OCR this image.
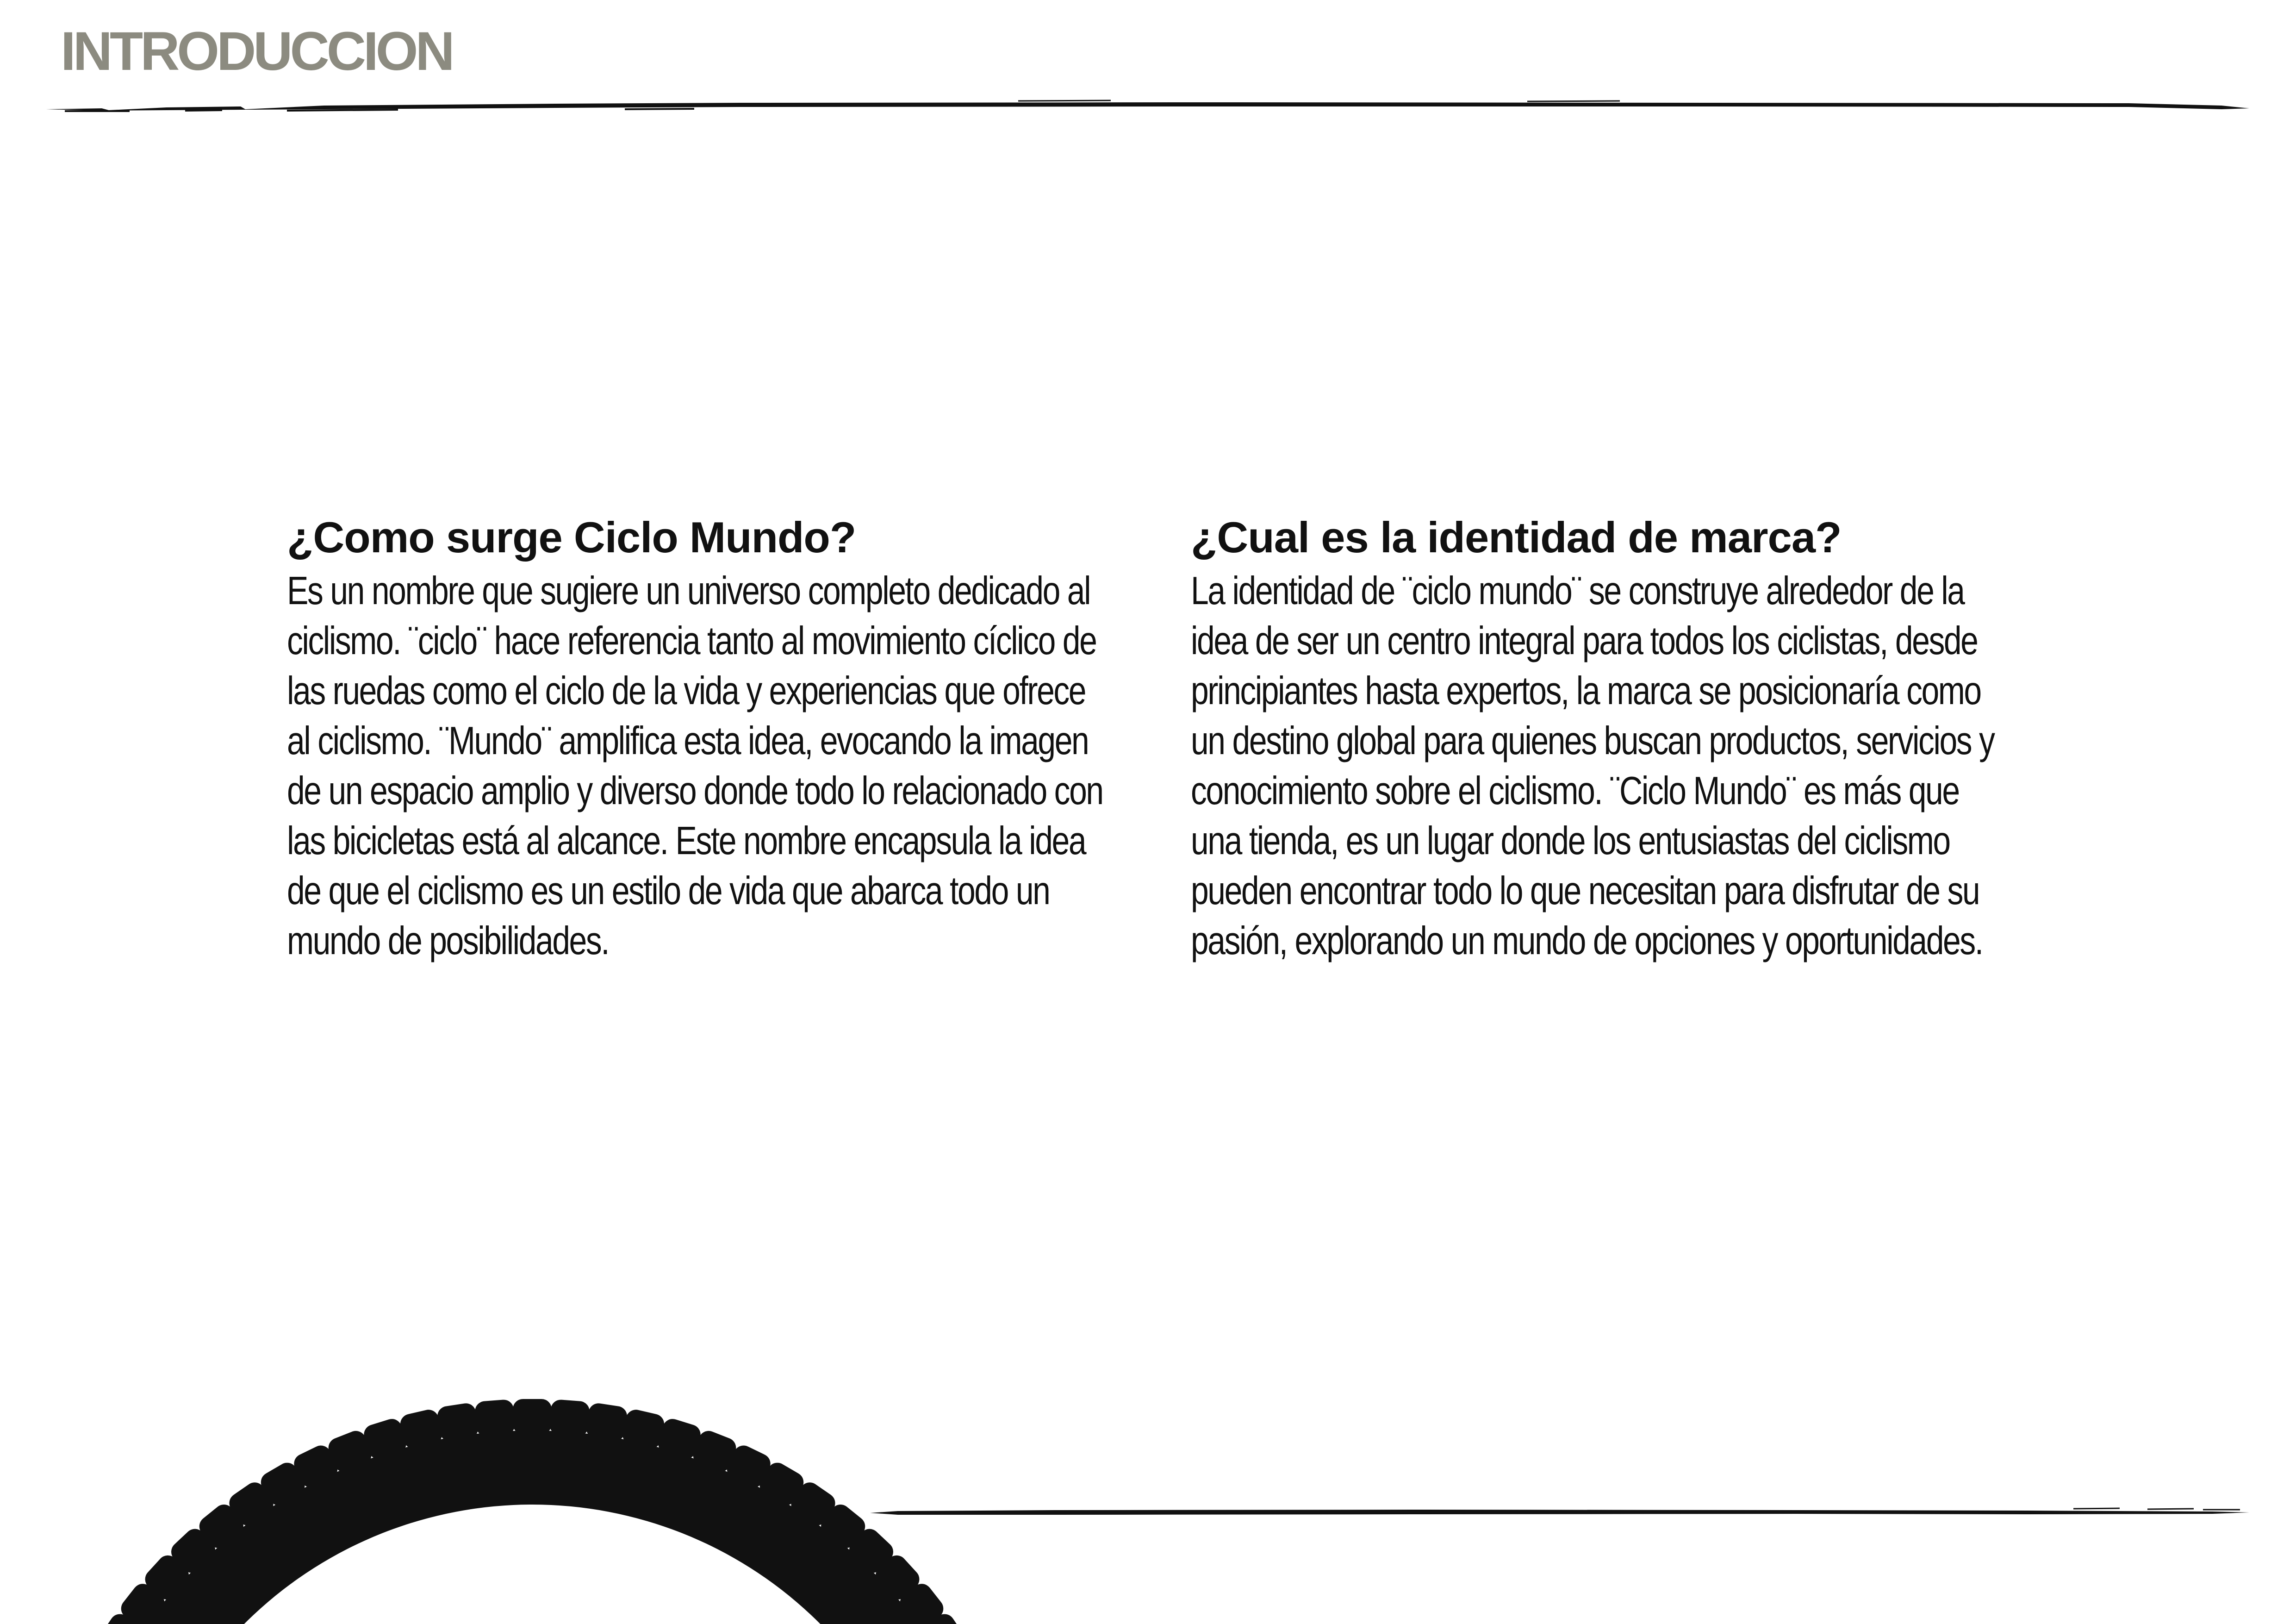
INTRODUCCION
¿Como surge Ciclo Mundo?

Es un nombre que sugiere un universo completo dedicado al ciclismo. ¨ciclo¨ hace referencia tanto al movimiento cíclico de las ruedas como el ciclo de la vida y experiencias que ofrece al ciclismo. ¨Mundo¨ amplifica esta idea, evocando la imagen de un espacio amplio y diverso donde todo lo relacionado con las bicicletas está al alcance. Este nombre encapsula la idea de que el ciclismo es un estilo de vida que abarca todo un mundo de posibilidades.

¿Cual es la identidad de marca?

La identidad de ¨ciclo mundo¨ se construye alrededor de la idea de ser un centro integral para todos los ciclistas, desde principiantes hasta expertos, la marca se posicionaría como un destino global para quienes buscan productos, servicios y conocimiento sobre el ciclismo. ¨Ciclo Mundo¨ es más que una tienda, es un lugar donde los entusiastas del ciclismo pueden encontrar todo lo que necesitan para disfrutar de su pasión, explorando un mundo de opciones y oportunidades.
